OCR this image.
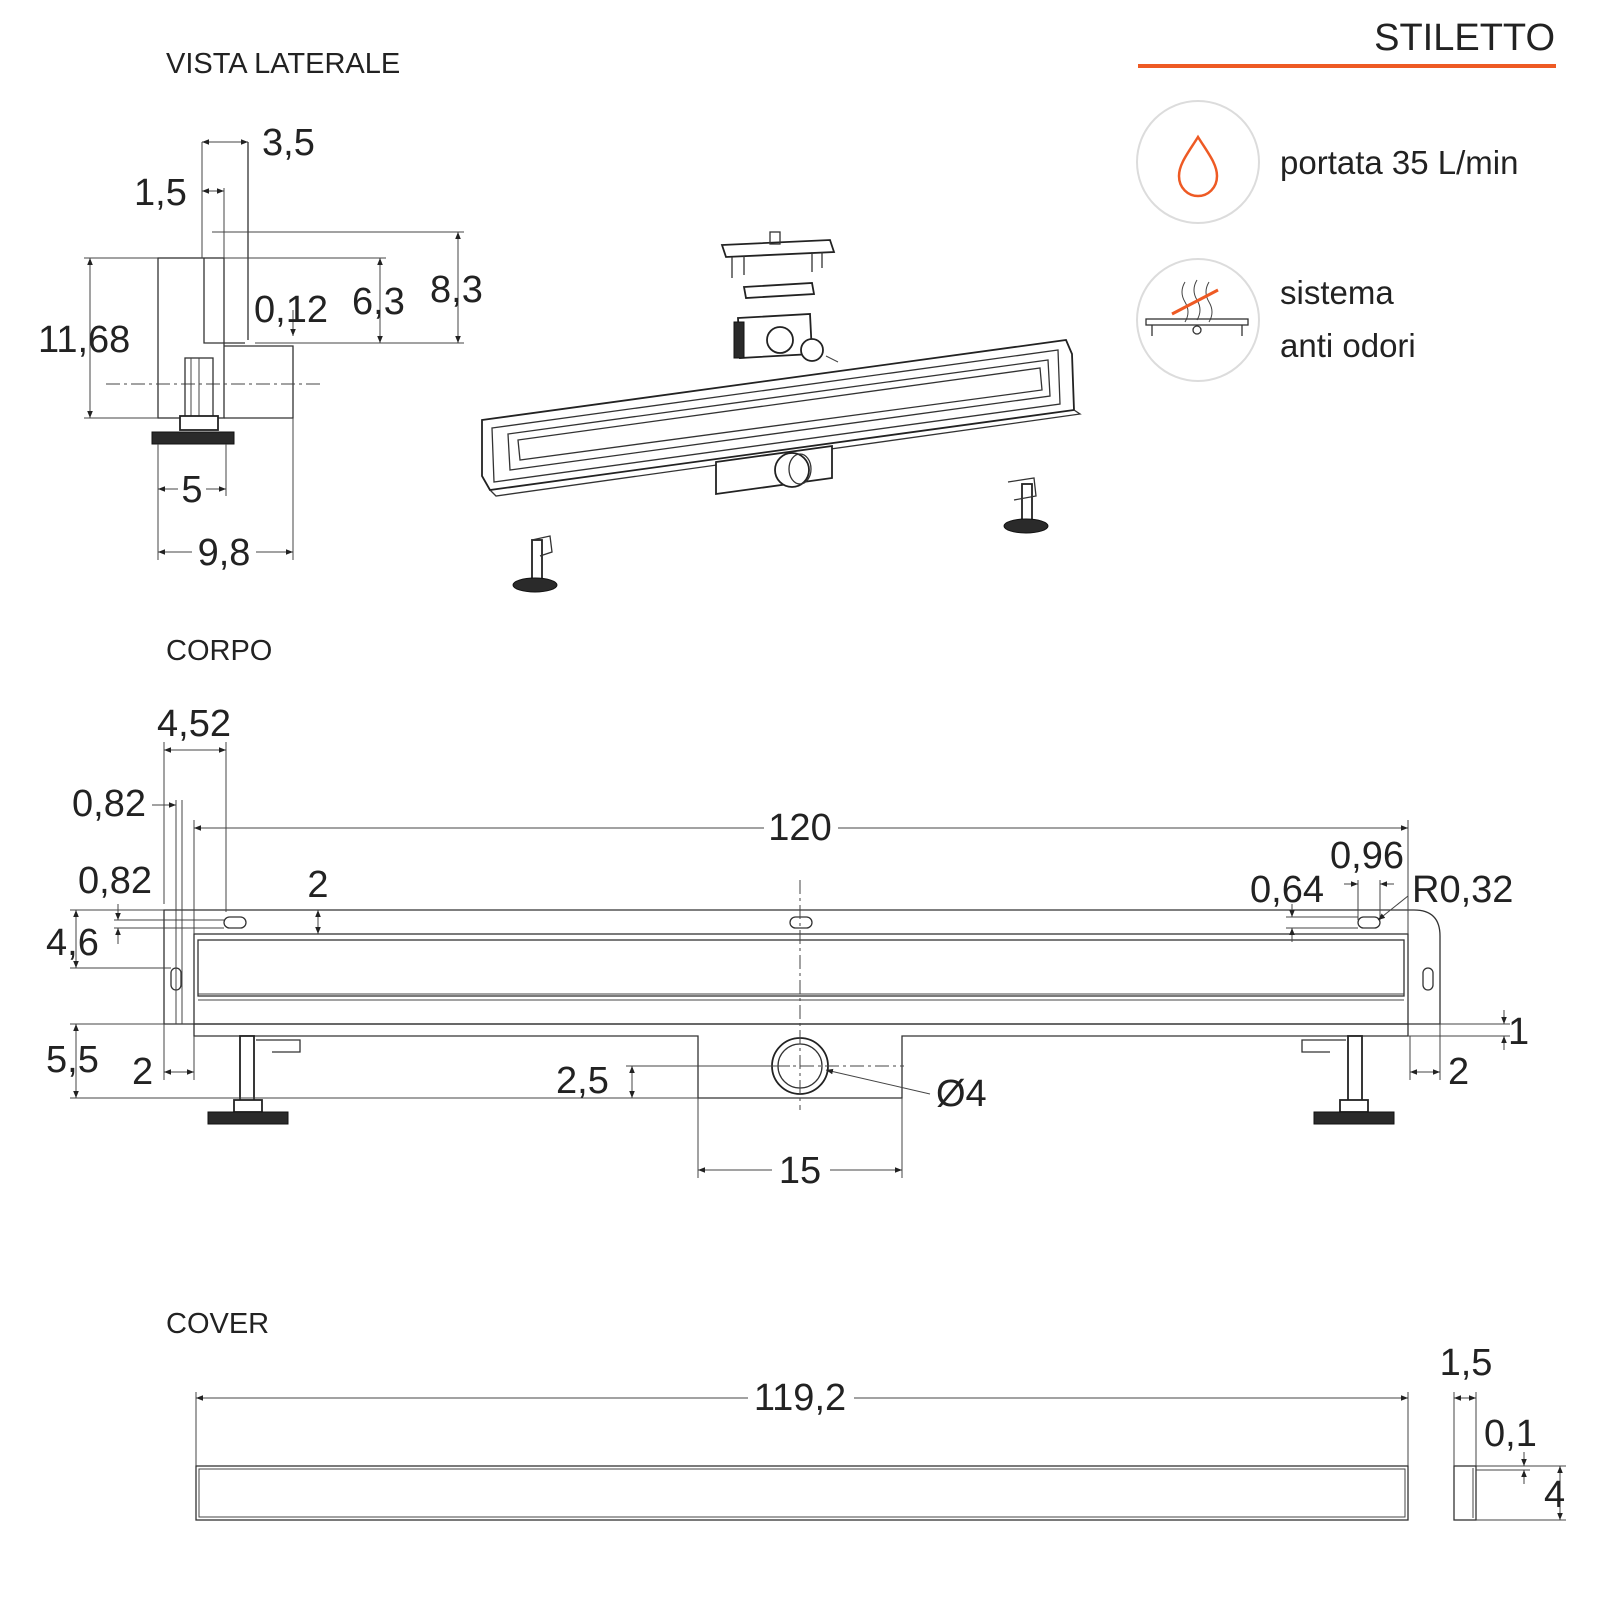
STILETTO
portata 35 L/min
sistema
anti odori
VISTA LATERALE
CORPO
COVER
3,5
1,5
8,3
6,3
0,12
11,68
5
9,8
4,52
0,82
120
0,82	2
4,6
5,5 2	2,5	Ø4
15
1
2
0,96
0,64 R0,32
119,2
1,5
0,1
4
